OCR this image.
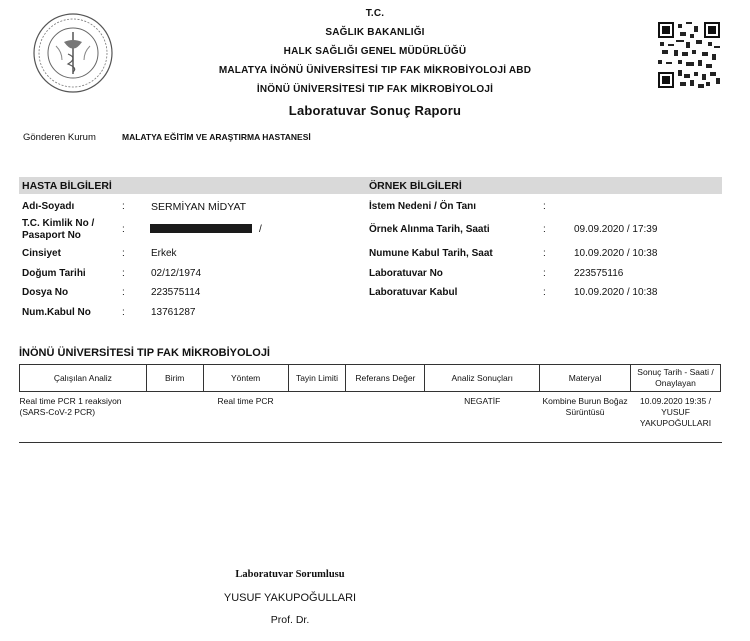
T.C.
SAĞLIK BAKANLIĞI
HALK SAĞLIĞI GENEL MÜDÜRLÜĞÜ
MALATYA İNÖNÜ ÜNİVERSİTESİ TIP FAK MİKROBİYOLOJİ ABD
İNÖNÜ ÜNİVERSİTESİ TIP FAK MİKROBİYOLOJİ
Laboratuvar Sonuç Raporu
Gönderen Kurum	MALATYA EĞİTİM VE ARAŞTIRMA HASTANESİ
HASTA BİLGİLERİ	ÖRNEK BİLGİLERİ
Adı-Soyadı	: SERMİYAN MİDYAT
T.C. Kimlik No /
Pasaport No
:	/
Cinsiyet	:	Erkek
Doğum Tarihi	:	02/12/1974
Dosya No	:	223575114
Num.Kabul No	:	13761287
İstem Nedeni / Ön Tanı	:
Örnek Alınma Tarih, Saati	:	09.09.2020 / 17:39
Numune Kabul Tarih, Saat	:	10.09.2020 / 10:38
Laboratuvar No	:	223575116
Laboratuvar Kabul	:	10.09.2020 / 10:38
İNÖNÜ ÜNİVERSİTESİ TIP FAK MİKROBİYOLOJİ
Çalışılan Analiz	Birim	Yöntem	Tayin Limiti	Referans Değer	Analiz Sonuçları	Materyal	Sonuç Tarih - Saati / Onaylayan
Real time PCR 1 reaksiyon (SARS-CoV-2 PCR)		Real time PCR			NEGATİF	Kombine Burun Boğaz Sürüntüsü	10.09.2020 19:35 / YUSUF YAKUPOĞULLARI
Laboratuvar Sorumlusu
YUSUF YAKUPOĞULLARI
Prof. Dr.
